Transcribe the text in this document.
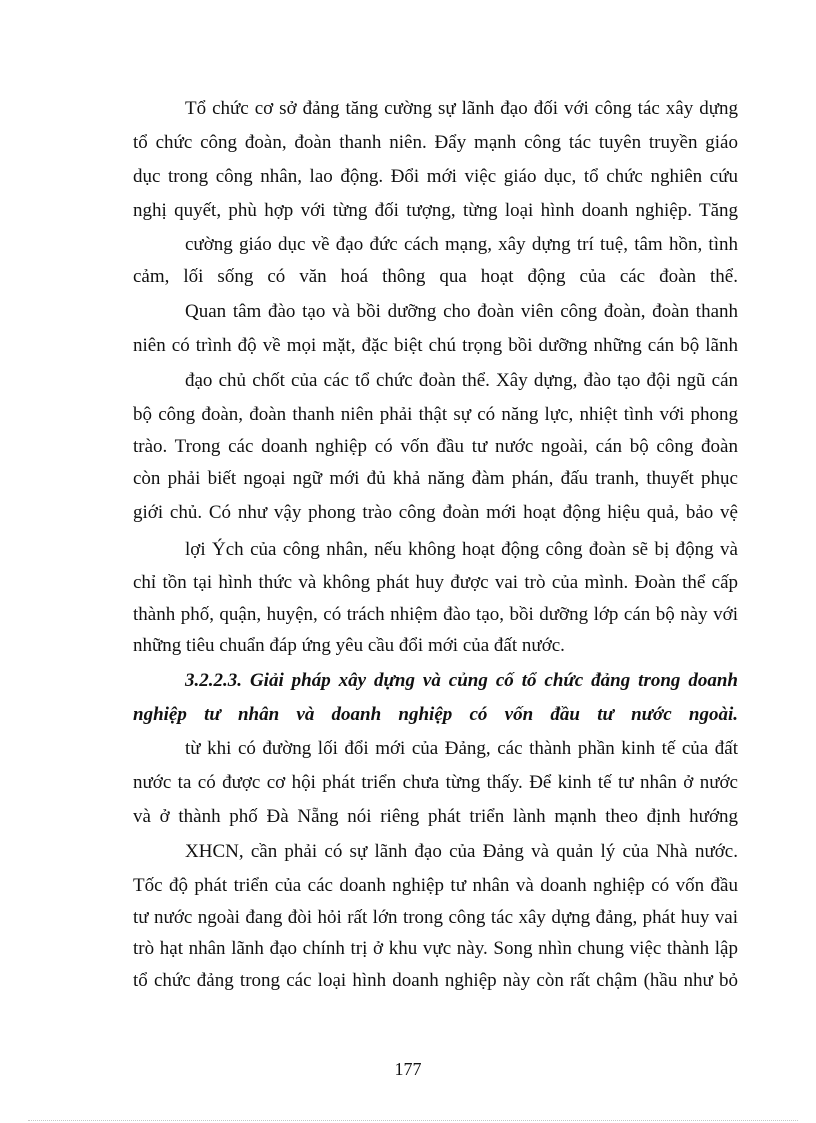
Tổ chức cơ sở đảng tăng cường sự lãnh đạo đối với công tác xây dựng

tổ chức công đoàn, đoàn thanh niên. Đẩy mạnh công tác tuyên truyền giáo

dục trong công nhân, lao động. Đổi mới việc giáo dục, tổ chức nghiên cứu

nghị quyết, phù hợp với từng đối tượng, từng loại hình doanh nghiệp. Tăng

cường giáo dục về đạo đức cách mạng, xây dựng trí tuệ, tâm hồn, tình

cảm, lối sống có văn hoá thông qua hoạt động của các đoàn thể.

Quan tâm đào tạo và bồi dưỡng cho đoàn viên công đoàn, đoàn thanh

niên có trình độ về mọi mặt, đặc biệt chú trọng bồi dưỡng những cán bộ lãnh

đạo chủ chốt của các tổ chức đoàn thể. Xây dựng, đào tạo đội ngũ cán

bộ công đoàn, đoàn thanh niên phải thật sự có năng lực, nhiệt tình với phong

trào. Trong các doanh nghiệp có vốn đầu tư nước ngoài, cán bộ công đoàn

còn phải biết ngoại ngữ mới đủ khả năng đàm phán, đấu tranh, thuyết phục

giới chủ. Có như vậy phong trào công đoàn mới hoạt động hiệu quả, bảo vệ

lợi Ých của công nhân, nếu không hoạt động công đoàn sẽ bị động và

chỉ tồn tại hình thức và không phát huy được vai trò của mình. Đoàn thể cấp

thành phố, quận, huyện, có trách nhiệm đào tạo, bồi dưỡng lớp cán bộ này với

những tiêu chuẩn đáp ứng yêu cầu đổi mới của đất nước.

3.2.2.3. Giải pháp xây dựng và củng cố tổ chức đảng trong doanh

nghiệp tư nhân và doanh nghiệp có vốn đầu tư nước ngoài.

từ khi có đường lối đổi mới của Đảng, các thành phần kinh tế của đất

nước ta có được cơ hội phát triển chưa từng thấy. Để kinh tế tư nhân ở nước

và ở thành phố Đà Nẵng nói riêng phát triển lành mạnh theo định hướng

XHCN, cần phải có sự lãnh đạo của Đảng và quản lý của Nhà nước.

Tốc độ phát triển của các doanh nghiệp tư nhân và doanh nghiệp có vốn đầu

tư nước ngoài đang đòi hỏi rất lớn trong công tác xây dựng đảng, phát huy vai

trò hạt nhân lãnh đạo chính trị ở khu vực này. Song nhìn chung việc thành lập

tổ chức đảng trong các loại hình doanh nghiệp này còn rất chậm (hầu như bỏ

177
